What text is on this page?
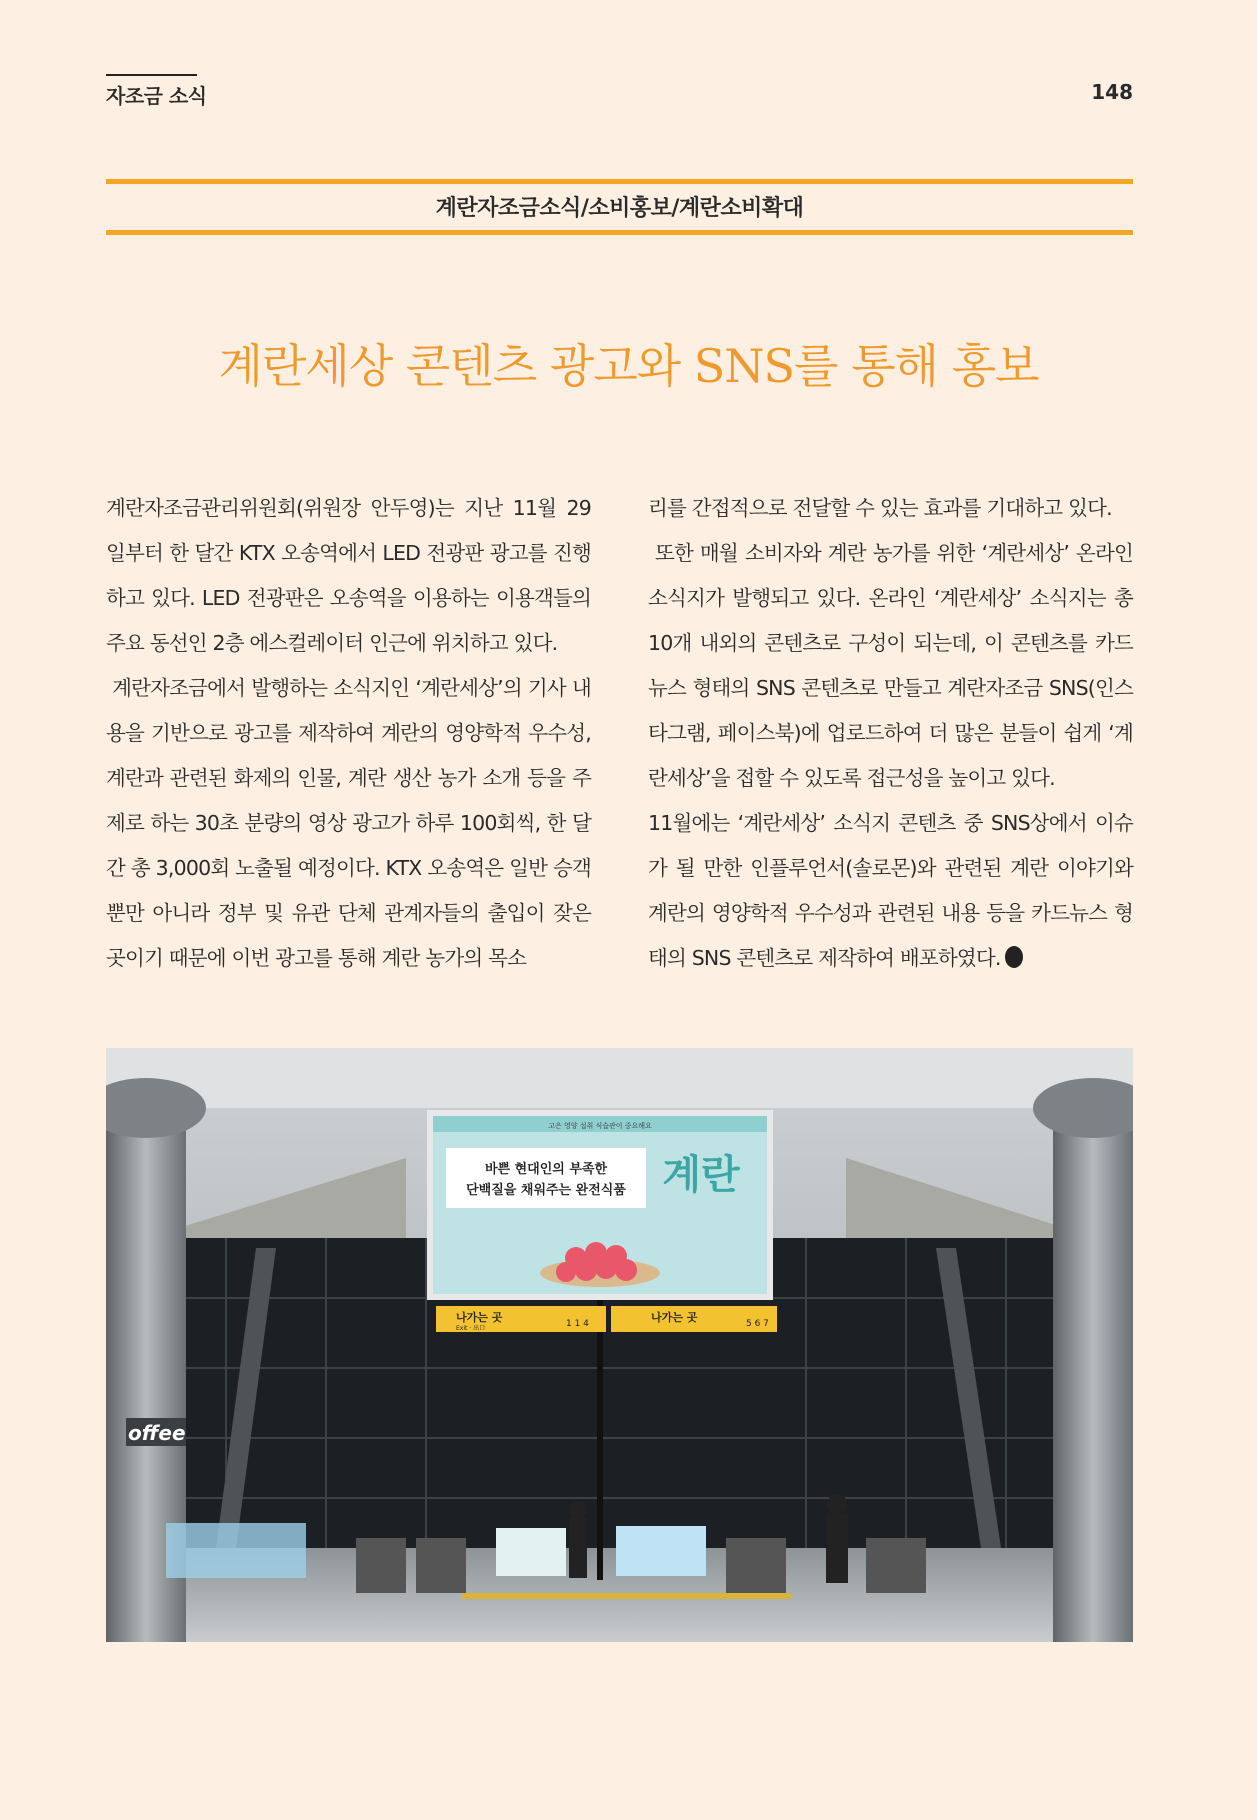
자조금 소식	148
계란자조금소식/소비홍보/계란소비확대
계란세상 콘텐츠 광고와 SNS를 통해 홍보

계란자조금관리위원회(위원장 안두영)는 지난 11월 29일부터 한 달간 KTX 오송역에서 LED 전광판 광고를 진행하고 있다. LED 전광판은 오송역을 이용하는 이용객들의 주요 동선인 2층 에스컬레이터 인근에 위치하고 있다.

계란자조금에서 발행하는 소식지인 ‘계란세상’의 기사 내용을 기반으로 광고를 제작하여 계란의 영양학적 우수성, 계란과 관련된 화제의 인물, 계란 생산 농가 소개 등을 주제로 하는 30초 분량의 영상 광고가 하루 100회씩, 한 달간 총 3,000회 노출될 예정이다. KTX 오송역은 일반 승객뿐만 아니라 정부 및 유관 단체 관계자들의 출입이 잦은 곳이기 때문에 이번 광고를 통해 계란 농가의 목소

리를 간접적으로 전달할 수 있는 효과를 기대하고 있다.

또한 매월 소비자와 계란 농가를 위한 ‘계란세상’ 온라인 소식지가 발행되고 있다. 온라인 ‘계란세상’ 소식지는 총 10개 내외의 콘텐츠로 구성이 되는데, 이 콘텐츠를 카드뉴스 형태의 SNS 콘텐츠로 만들고 계란자조금 SNS(인스타그램, 페이스북)에 업로드하여 더 많은 분들이 쉽게 ‘계란세상’을 접할 수 있도록 접근성을 높이고 있다.

11월에는 ‘계란세상’ 소식지 콘텐츠 중 SNS상에서 이슈가 될 만한 인플루언서(솔로몬)와 관련된 계란 이야기와 계란의 영양학적 우수성과 관련된 내용 등을 카드뉴스 형태의 SNS 콘텐츠로 제작하여 배포하였다.

고은 영양 섭취 식습관이 중요해요
바쁜 현대인의 부족한
단백질을 채워주는 완전식품 계란
나가는 곳
Exit · 出口	1 1 4	나가는 곳	5 6 7
offee
